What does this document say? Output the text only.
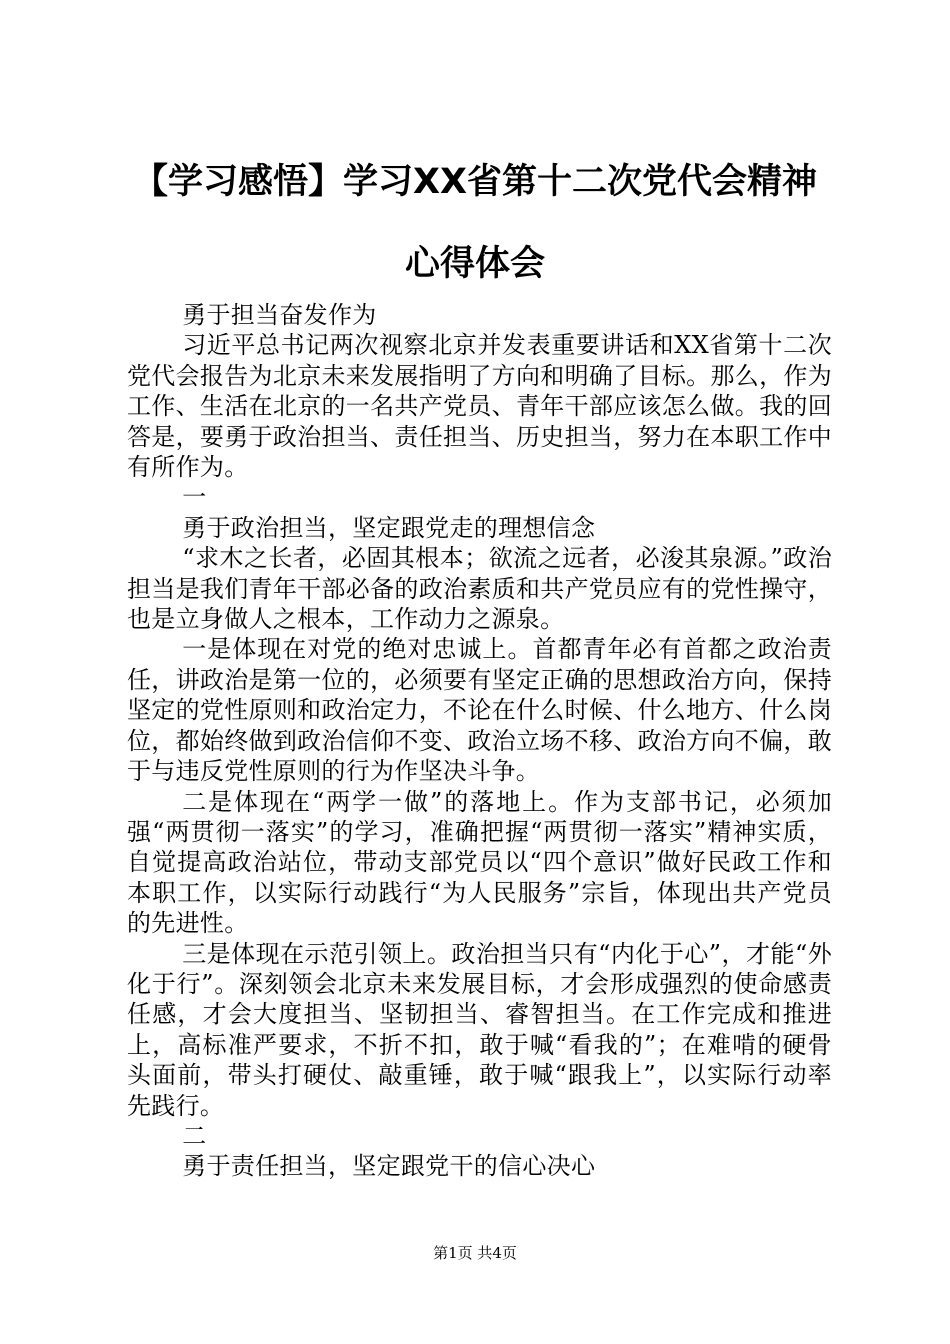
【学习感悟】学习XX省第十二次党代会精神
心得体会

勇于担当奋发作为

习近平总书记两次视察北京并发表重要讲话和XX省第十二次党代会报告为北京未来发展指明了方向和明确了目标。那么，作为工作、生活在北京的一名共产党员、青年干部应该怎么做。我的回答是，要勇于政治担当、责任担当、历史担当，努力在本职工作中有所作为。

一

勇于政治担当，坚定跟党走的理想信念

“求木之长者，必固其根本；欲流之远者，必浚其泉源。”政治担当是我们青年干部必备的政治素质和共产党员应有的党性操守，也是立身做人之根本，工作动力之源泉。

一是体现在对党的绝对忠诚上。首都青年必有首都之政治责任，讲政治是第一位的，必须要有坚定正确的思想政治方向，保持坚定的党性原则和政治定力，不论在什么时候、什么地方、什么岗位，都始终做到政治信仰不变、政治立场不移、政治方向不偏，敢于与违反党性原则的行为作坚决斗争。

二是体现在“两学一做”的落地上。作为支部书记，必须加强“两贯彻一落实”的学习，准确把握“两贯彻一落实”精神实质，自觉提高政治站位，带动支部党员以“四个意识”做好民政工作和本职工作，以实际行动践行“为人民服务”宗旨，体现出共产党员的先进性。

三是体现在示范引领上。政治担当只有“内化于心”，才能“外化于行”。深刻领会北京未来发展目标，才会形成强烈的使命感责任感，才会大度担当、坚韧担当、睿智担当。在工作完成和推进上，高标准严要求，不折不扣，敢于喊“看我的”；在难啃的硬骨头面前，带头打硬仗、敲重锤，敢于喊“跟我上”，以实际行动率先践行。

二

勇于责任担当，坚定跟党干的信心决心

第1页 共4页
